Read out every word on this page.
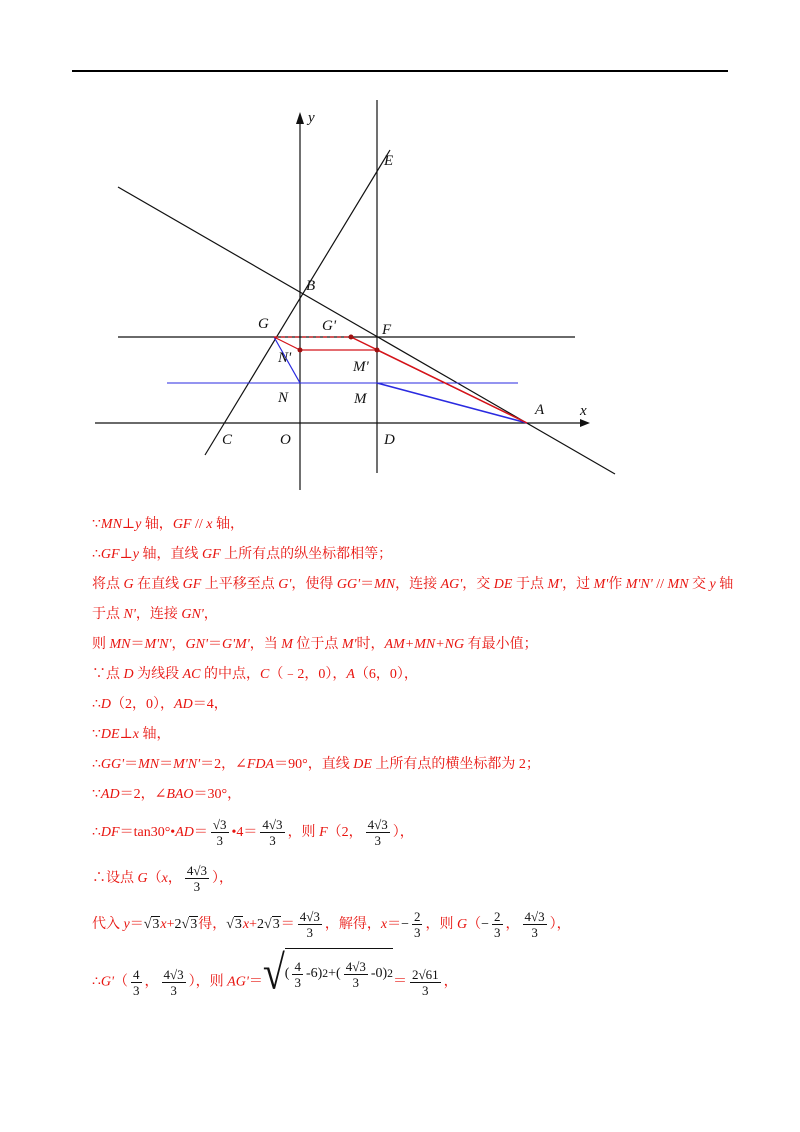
x
y
E
B
G	G'	F
N'
M'
N	M
A
C	O	D
∵MN⊥y 轴，GF // x 轴，
∴GF⊥y 轴，直线 GF 上所有点的纵坐标都相等；
将点 G 在直线 GF 上平移至点 G'，使得 GG'＝MN，连接 AG'，交 DE 于点 M'，过 M'作 M'N' // MN 交 y 轴
于点 N'，连接 GN'，
则 MN＝M'N'，GN'＝G'M'，当 M 位于点 M'时，AM+MN+NG 有最小值；
∵点 D 为线段 AC 的中点，C（﹣2，0），A（6，0），
∴D（2，0），AD＝4，
∵DE⊥x 轴，
∴GG'＝MN＝M'N'＝2，∠FDA＝90°，直线 DE 上所有点的横坐标都为 2；
∵AD＝2，∠BAO＝30°，
∴DF＝tan30°•AD＝ $\frac{√3}{3}$ •4＝ $\frac{4√3}{3}$ ，则 F（2， $\frac{4√3}{3}$ ），
∴设点 G（x， $\frac{4√3}{3}$ ），
代入 y＝√3x+2√3得，$√3x+2√3= \frac{4√3}{3}$ ，解得，$x=- \frac{2}{3}$ ，则 $G(- \frac{2}{3}$ ， $\frac{4√3}{3}$ ），
∴G'（ $\frac{4}{3}$ ， $\frac{4√3}{3}$ ），则 AG'＝ √ ( $\frac{4}{3} -6$) 2 + ( $\frac{4√3}{3} -0$) 2
＝ $\frac{2√61}{3}$ ，
